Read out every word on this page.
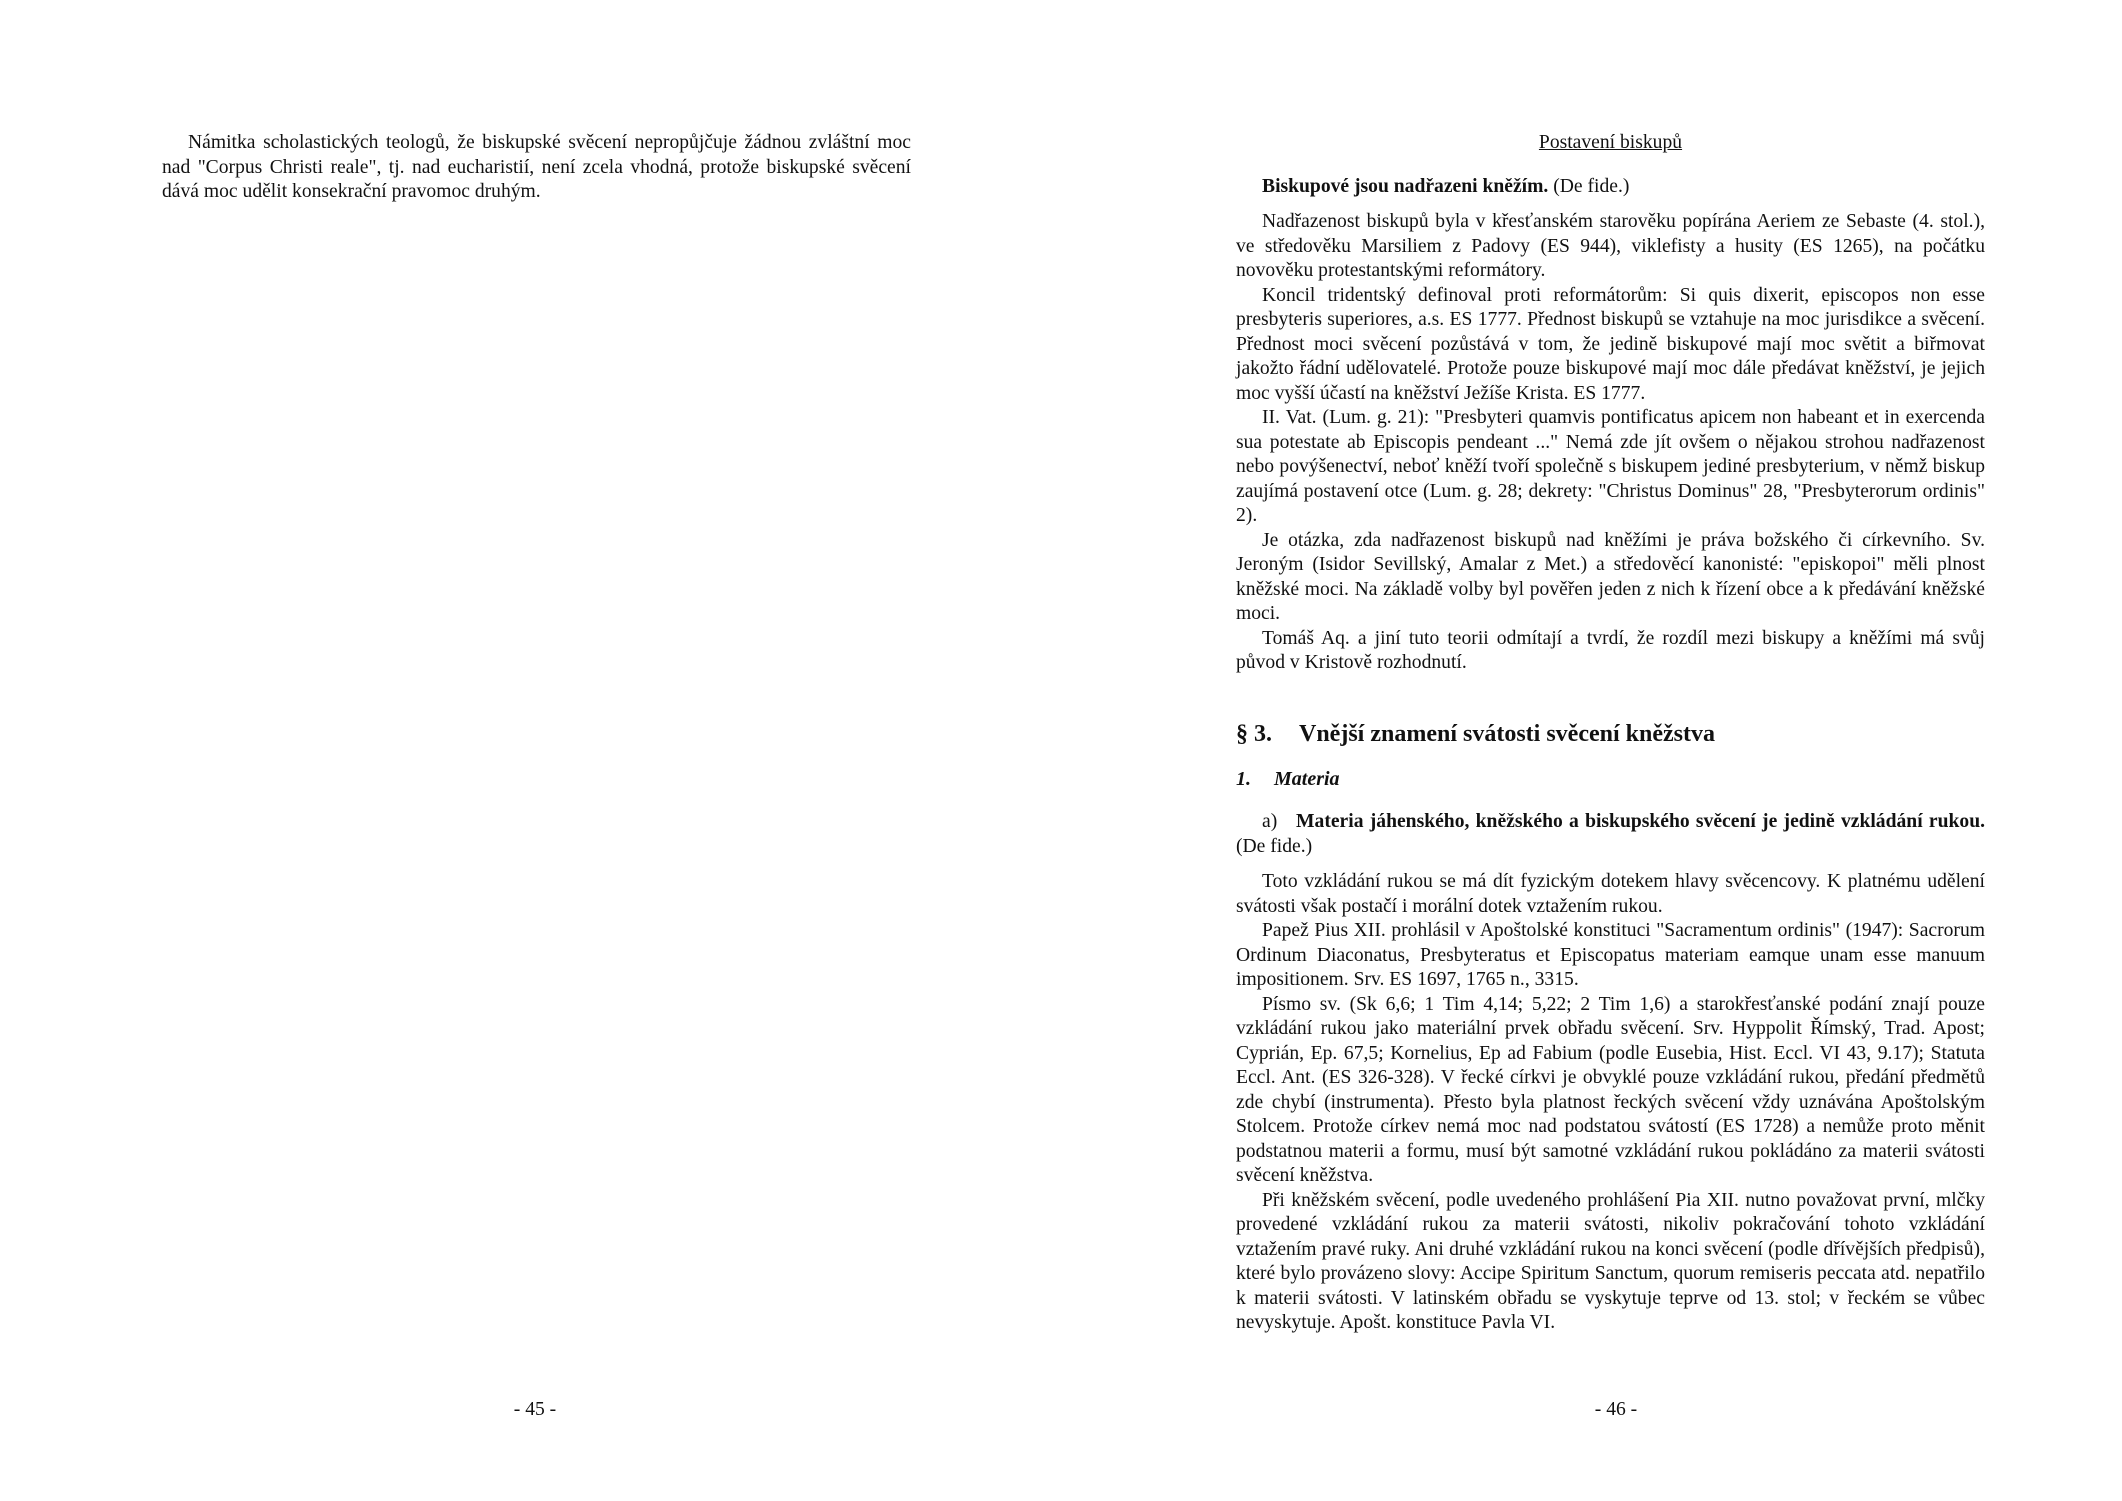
Námitka scholastických teologů, že biskupské svěcení nepropůjčuje žádnou zvláštní moc nad "Corpus Christi reale", tj. nad eucharistií, není zcela vhodná, protože biskupské svěcení dává moc udělit konsekrační pravomoc druhým.

- 45 -

Postavení biskupů

Biskupové jsou nadřazeni kněžím. (De fide.)

Nadřazenost biskupů byla v křesťanském starověku popírána Aeriem ze Sebaste (4. stol.), ve středověku Marsiliem z Padovy (ES 944), viklefisty a husity (ES 1265), na počátku novověku protestantskými reformátory.

Koncil tridentský definoval proti reformátorům: Si quis dixerit, episcopos non esse presbyteris superiores, a.s. ES 1777. Přednost biskupů se vztahuje na moc jurisdikce a svěcení. Přednost moci svěcení pozůstává v tom, že jedině biskupové mají moc světit a biřmovat jakožto řádní udělovatelé. Protože pouze biskupové mají moc dále předávat kněžství, je jejich moc vyšší účastí na kněžství Ježíše Krista. ES 1777.

II. Vat. (Lum. g. 21): "Presbyteri quamvis pontificatus apicem non habeant et in exercenda sua potestate ab Episcopis pendeant ..." Nemá zde jít ovšem o nějakou strohou nadřazenost nebo povýšenectví, neboť kněží tvoří společně s biskupem jediné presbyterium, v němž biskup zaujímá postavení otce (Lum. g. 28; dekrety: "Christus Dominus" 28, "Presbyterorum ordinis" 2).

Je otázka, zda nadřazenost biskupů nad kněžími je práva božského či církevního. Sv. Jeroným (Isidor Sevillský, Amalar z Met.) a středověcí kanonisté: "episkopoi" měli plnost kněžské moci. Na základě volby byl pověřen jeden z nich k řízení obce a k předávání kněžské moci.

Tomáš Aq. a jiní tuto teorii odmítají a tvrdí, že rozdíl mezi biskupy a kněžími má svůj původ v Kristově rozhodnutí.

§ 3. Vnější znamení svátosti svěcení kněžstva

1. Materia

a) Materia jáhenského, kněžského a biskupského svěcení je jedině vzkládání rukou. (De fide.)

Toto vzkládání rukou se má dít fyzickým dotekem hlavy svěcencovy. K platnému udělení svátosti však postačí i morální dotek vztažením rukou.

Papež Pius XII. prohlásil v Apoštolské konstituci "Sacramentum ordinis" (1947): Sacrorum Ordinum Diaconatus, Presbyteratus et Episcopatus materiam eamque unam esse manuum impositionem. Srv. ES 1697, 1765 n., 3315.

Písmo sv. (Sk 6,6; 1 Tim 4,14; 5,22; 2 Tim 1,6) a starokřesťanské podání znají pouze vzkládání rukou jako materiální prvek obřadu svěcení. Srv. Hyppolit Římský, Trad. Apost; Cyprián, Ep. 67,5; Kornelius, Ep ad Fabium (podle Eusebia, Hist. Eccl. VI 43, 9.17); Statuta Eccl. Ant. (ES 326-328). V řecké církvi je obvyklé pouze vzkládání rukou, předání předmětů zde chybí (instrumenta). Přesto byla platnost řeckých svěcení vždy uznávána Apoštolským Stolcem. Protože církev nemá moc nad podstatou svátostí (ES 1728) a nemůže proto měnit podstatnou materii a formu, musí být samotné vzkládání rukou pokládáno za materii svátosti svěcení kněžstva.

Při kněžském svěcení, podle uvedeného prohlášení Pia XII. nutno považovat první, mlčky provedené vzkládání rukou za materii svátosti, nikoliv pokračování tohoto vzkládání vztažením pravé ruky. Ani druhé vzkládání rukou na konci svěcení (podle dřívějších předpisů), které bylo provázeno slovy: Accipe Spiritum Sanctum, quorum remiseris peccata atd. nepatřilo k materii svátosti. V latinském obřadu se vyskytuje teprve od 13. stol; v řeckém se vůbec nevyskytuje. Apošt. konstituce Pavla VI.

- 46 -
